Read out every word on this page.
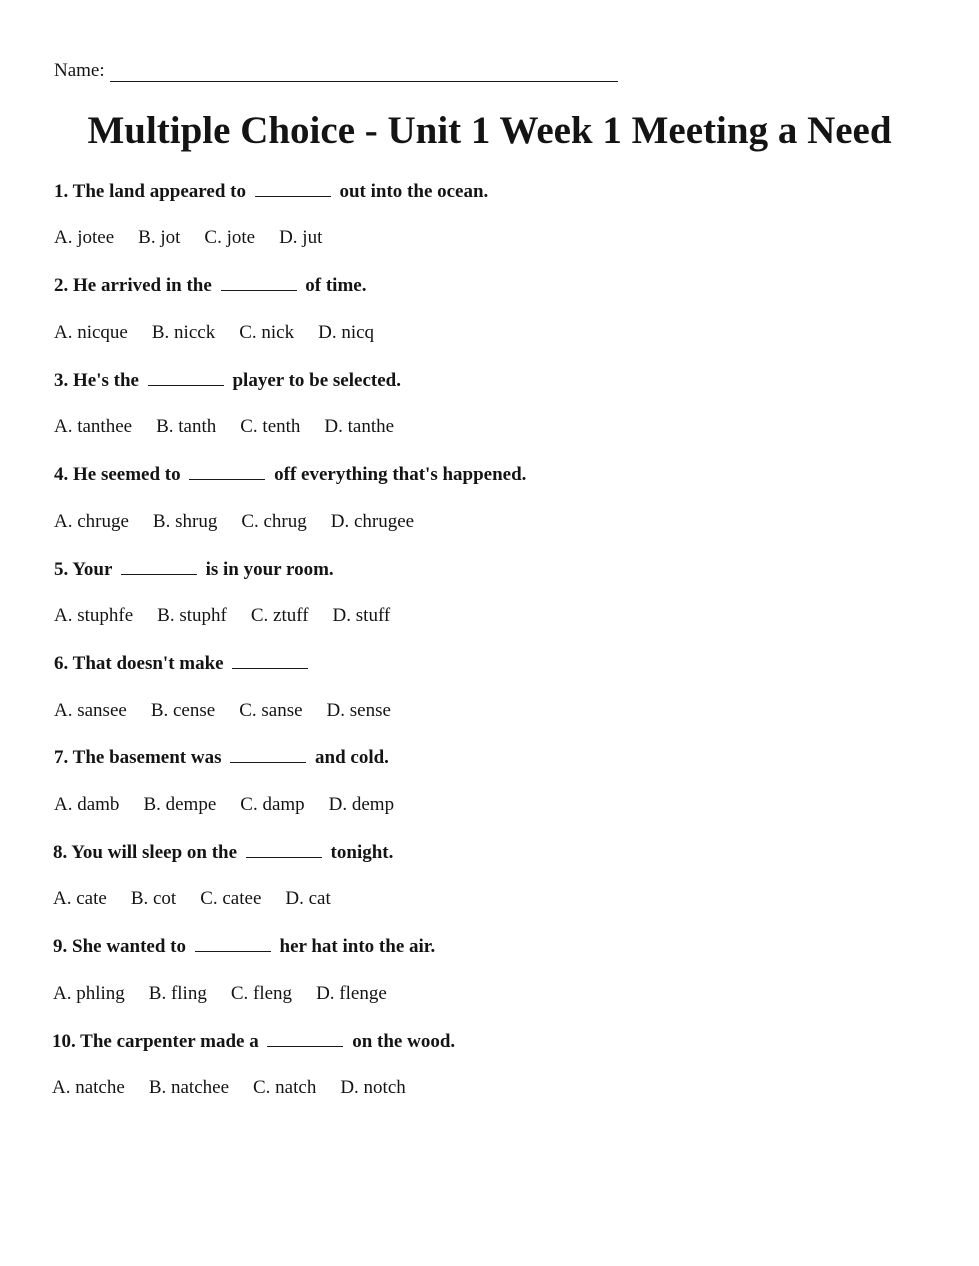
Name:
Multiple Choice - Unit 1 Week 1 Meeting a Need
1. The land appeared to	out into the ocean.
A. jotee B. jot C. jote D. jut
2. He arrived in the	of time.
A. nicque B. nicck C. nick D. nicq
3. He's the	player to be selected.
A. tanthee B. tanth C. tenth D. tanthe
4. He seemed to	off everything that's happened.
A. chruge B. shrug C. chrug D. chrugee
5. Your	is in your room.
A. stuphfe B. stuphf C. ztuff D. stuff
6. That doesn't make
A. sansee B. cense C. sanse D. sense
7. The basement was	and cold.
A. damb B. dempe C. damp D. demp
8. You will sleep on the	tonight.
A. cate B. cot C. catee D. cat
9. She wanted to	her hat into the air.
A. phling B. fling C. fleng D. flenge
10. The carpenter made a	on the wood.
A. natche B. natchee C. natch D. notch
